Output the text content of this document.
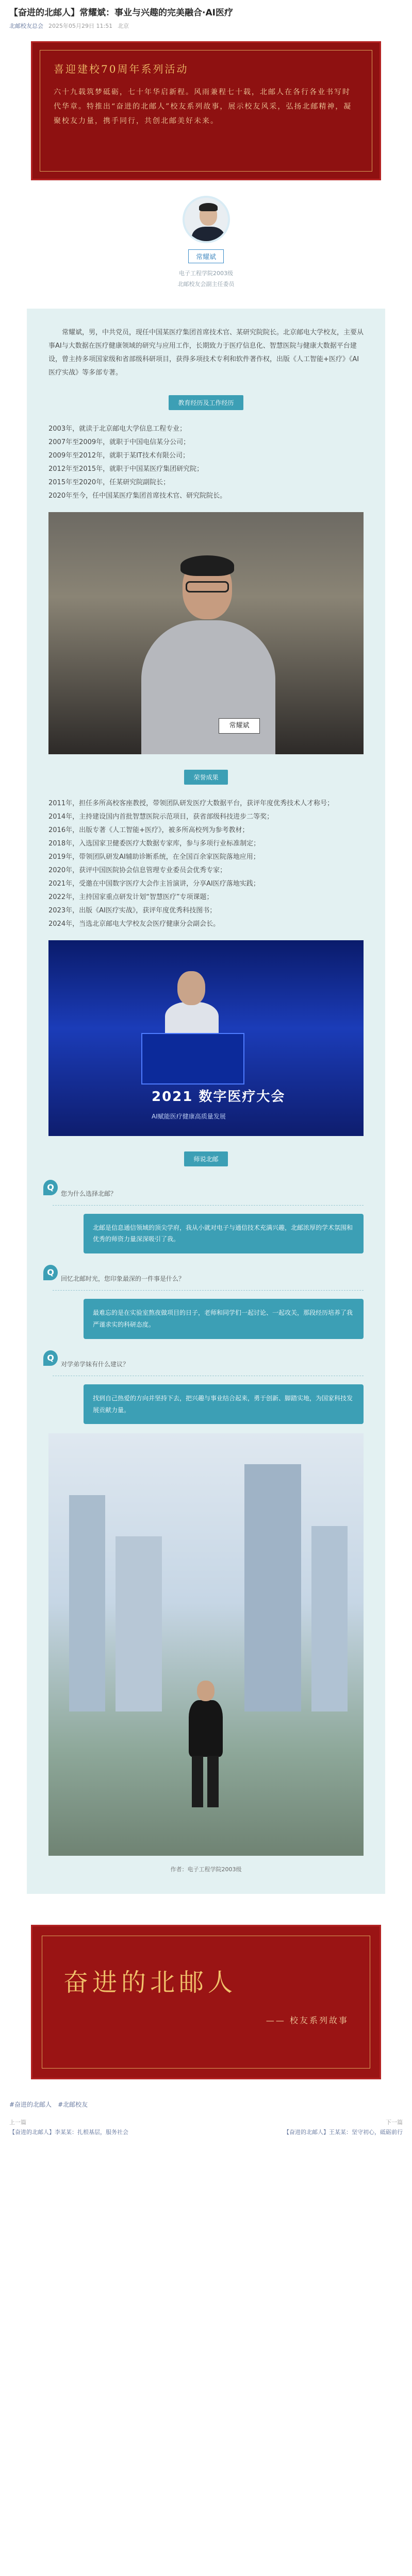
【奋进的北邮人】常耀斌：事业与兴趣的完美融合·AI医疗
北邮校友总会 2025年05月29日 11:51 北京
喜迎建校70周年系列活动
六十九载筑梦砥砺，七十年华启新程。风雨兼程七十载，北邮人在各行各业书写时代华章。特推出“奋进的北邮人”校友系列故事，展示校友风采，弘扬北邮精神，凝聚校友力量，携手同行，共创北邮美好未来。
常耀斌
电子工程学院2003级
北邮校友会副主任委员

常耀斌，男，中共党员，现任中国某医疗集团首席技术官、某研究院院长。北京邮电大学校友，主要从事AI与大数据在医疗健康领域的研究与应用工作，长期致力于医疗信息化、智慧医院与健康大数据平台建设，曾主持多项国家级和省部级科研项目，获得多项技术专利和软件著作权，出版《人工智能+医疗》《AI医疗实战》等多部专著。

教育经历及工作经历

2003年，就读于北京邮电大学信息工程专业；

2007年至2009年，就职于中国电信某分公司；

2009年至2012年，就职于某IT技术有限公司；

2012年至2015年，就职于中国某医疗集团研究院；

2015年至2020年，任某研究院副院长；

2020年至今，任中国某医疗集团首席技术官、研究院院长。

常耀斌
荣誉成果

2011年，担任多所高校客座教授，带领团队研发医疗大数据平台，获评年度优秀技术人才称号；

2014年，主持建设国内首批智慧医院示范项目，获省部级科技进步二等奖；

2016年，出版专著《人工智能+医疗》，被多所高校列为参考教材；

2018年，入选国家卫健委医疗大数据专家库，参与多项行业标准制定；

2019年，带领团队研发AI辅助诊断系统，在全国百余家医院落地应用；

2020年，获评中国医院协会信息管理专业委员会优秀专家；

2021年，受邀在中国数字医疗大会作主旨演讲，分享AI医疗落地实践；

2022年，主持国家重点研发计划“智慧医疗”专项课题；

2023年，出版《AI医疗实战》，获评年度优秀科技图书；

2024年，当选北京邮电大学校友会医疗健康分会副会长。

2021 数字医疗大会
AI赋能医疗健康高质量发展
师说北邮
Q
您为什么选择北邮？
北邮是信息通信领域的顶尖学府，我从小就对电子与通信技术充满兴趣，北邮浓厚的学术氛围和优秀的师资力量深深吸引了我。
Q
回忆北邮时光，您印象最深的一件事是什么？
最难忘的是在实验室熬夜做项目的日子，老师和同学们一起讨论、一起攻关，那段经历培养了我严谨求实的科研态度。
Q
对学弟学妹有什么建议？
找到自己热爱的方向并坚持下去，把兴趣与事业结合起来，勇于创新、脚踏实地，为国家科技发展贡献力量。
作者：电子工程学院2003级
奋进的北邮人
—— 校友系列故事
#奋进的北邮人 #北邮校友
上一篇
【奋进的北邮人】李某某：扎根基层，服务社会
下一篇
【奋进的北邮人】王某某：坚守初心，砥砺前行
